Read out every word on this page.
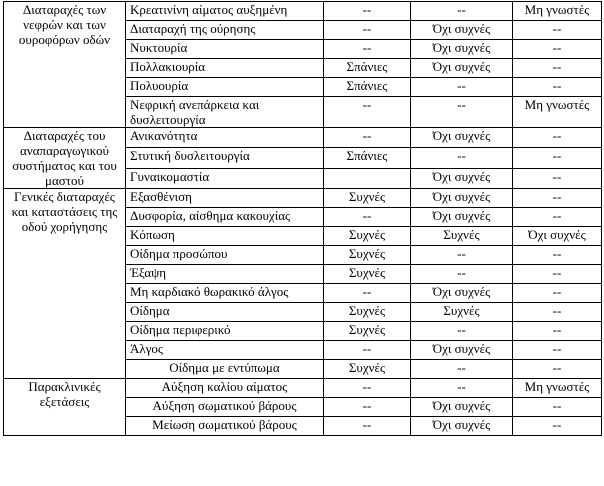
Διαταραχές των νεφρών και των ουροφόρων οδών	Κρεατινίνη αίματος αυξημένη	--	--	Μη γνωστές
	Διαταραχή της ούρησης	--	Όχι συχνές	--
	Νυκτουρία	--	Όχι συχνές	--
	Πολλακιουρία	Σπάνιες	Όχι συχνές	--
	Πολυουρία	Σπάνιες	--	--
	Νεφρική ανεπάρκεια και δυσλειτουργία	--	--	Μη γνωστές
Διαταραχές του αναπαραγωγικού συστήματος και του μαστού	Ανικανότητα	--	Όχι συχνές	--
	Στυτική δυσλειτουργία	Σπάνιες	--	--
	Γυναικομαστία		Όχι συχνές	--
Γενικές διαταραχές και καταστάσεις της οδού χορήγησης	Εξασθένιση	Συχνές	Όχι συχνές	--
	Δυσφορία, αίσθημα κακουχίας	--	Όχι συχνές	--
	Κόπωση	Συχνές	Συχνές	Όχι συχνές
	Οίδημα προσώπου	Συχνές	--	--
	Έξαψη	Συχνές	--	--
	Μη καρδιακό θωρακικό άλγος	--	Όχι συχνές	--
	Οίδημα	Συχνές	Συχνές	--
	Οίδημα περιφερικό	Συχνές	--	--
	Άλγος	--	Όχι συχνές	--
	Οίδημα με εντύπωμα	Συχνές	--	--
Παρακλινικές εξετάσεις	Αύξηση καλίου αίματος	--	--	Μη γνωστές
	Αύξηση σωματικού βάρους	--	Όχι συχνές	--
	Μείωση σωματικού βάρους	--	Όχι συχνές	--
